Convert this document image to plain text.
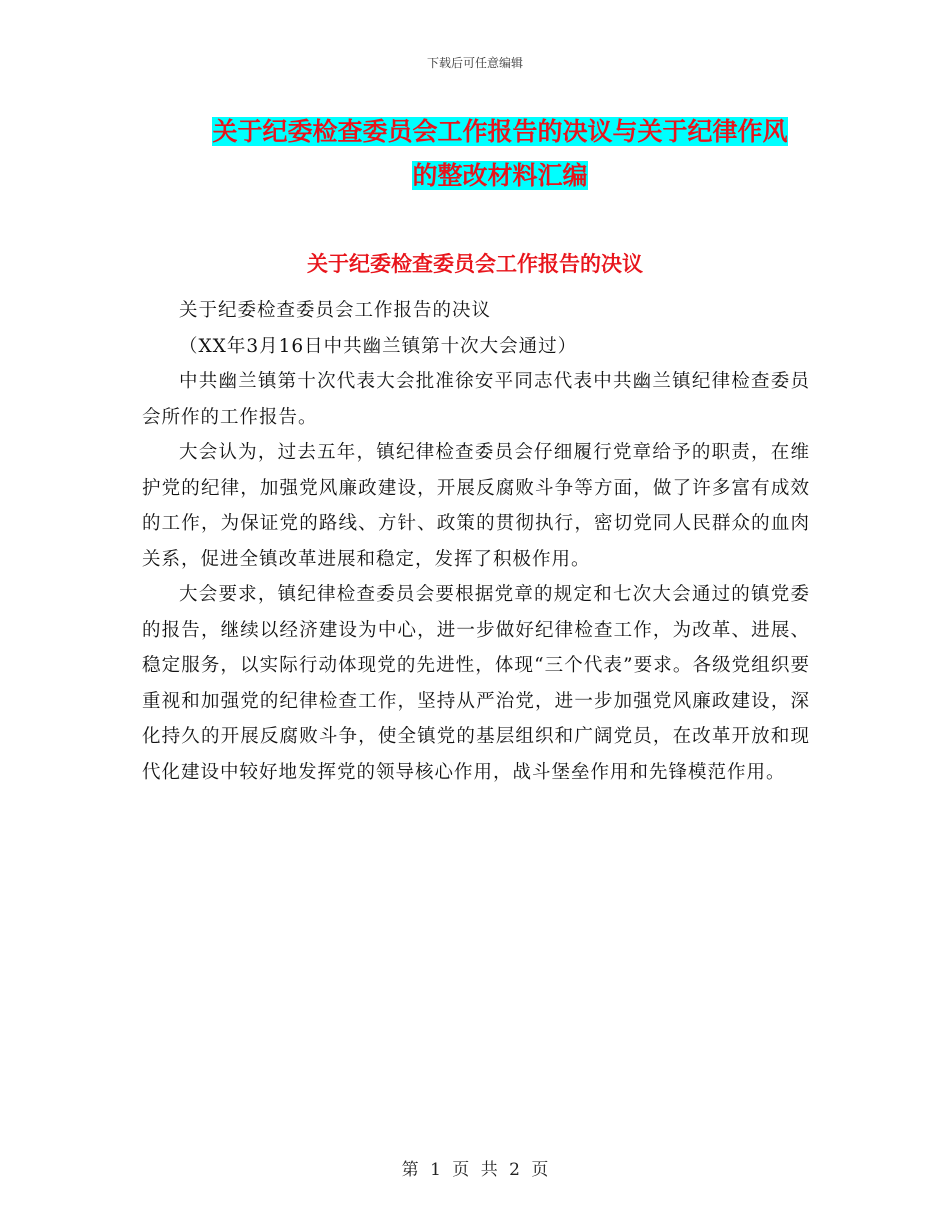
下载后可任意编辑
关于纪委检查委员会工作报告的决议与关于纪律作风
的整改材料汇编
关于纪委检查委员会工作报告的决议

关于纪委检查委员会工作报告的决议

（XX年3月16日中共幽兰镇第十次大会通过）

中共幽兰镇第十次代表大会批准徐安平同志代表中共幽兰镇纪律检查委员会所作的工作报告。

大会认为，过去五年，镇纪律检查委员会仔细履行党章给予的职责，在维护党的纪律，加强党风廉政建设，开展反腐败斗争等方面，做了许多富有成效的工作，为保证党的路线、方针、政策的贯彻执行，密切党同人民群众的血肉关系，促进全镇改革进展和稳定，发挥了积极作用。

大会要求，镇纪律检查委员会要根据党章的规定和七次大会通过的镇党委的报告，继续以经济建设为中心，进一步做好纪律检查工作，为改革、进展、稳定服务，以实际行动体现党的先进性，体现“三个代表”要求。各级党组织要重视和加强党的纪律检查工作，坚持从严治党，进一步加强党风廉政建设，深化持久的开展反腐败斗争，使全镇党的基层组织和广阔党员，在改革开放和现代化建设中较好地发挥党的领导核心作用，战斗堡垒作用和先锋模范作用。

第 1 页 共 2 页
